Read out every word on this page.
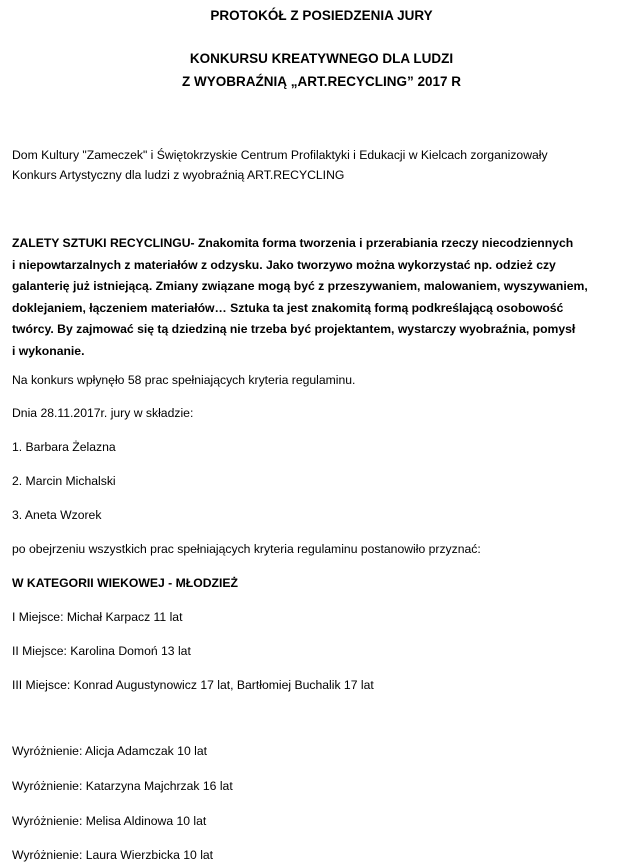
PROTOKÓŁ Z POSIEDZENIA JURY
KONKURSU KREATYWNEGO DLA LUDZI
Z WYOBRAŹNIĄ „ART.RECYCLING” 2017 R
Dom Kultury "Zameczek" i Świętokrzyskie Centrum Profilaktyki i Edukacji w Kielcach zorganizowały
Konkurs Artystyczny dla ludzi z wyobraźnią ART.RECYCLING
ZALETY SZTUKI RECYCLINGU- Znakomita forma tworzenia i przerabiania rzeczy niecodziennych
i niepowtarzalnych z materiałów z odzysku. Jako tworzywo można wykorzystać np. odzież czy
galanterię już istniejącą. Zmiany związane mogą być z przeszywaniem, malowaniem, wyszywaniem,
doklejaniem, łączeniem materiałów… Sztuka ta jest znakomitą formą podkreślającą osobowość
twórcy. By zajmować się tą dziedziną nie trzeba być projektantem, wystarczy wyobraźnia, pomysł
i wykonanie.
Na konkurs wpłynęło 58 prac spełniających kryteria regulaminu.
Dnia 28.11.2017r. jury w składzie:
1. Barbara Żelazna
2. Marcin Michalski
3. Aneta Wzorek
po obejrzeniu wszystkich prac spełniających kryteria regulaminu postanowiło przyznać:
W KATEGORII WIEKOWEJ - MŁODZIEŻ
I Miejsce: Michał Karpacz 11 lat
II Miejsce: Karolina Domoń 13 lat
III Miejsce: Konrad Augustynowicz 17 lat, Bartłomiej Buchalik 17 lat
Wyróżnienie: Alicja Adamczak 10 lat
Wyróżnienie: Katarzyna Majchrzak 16 lat
Wyróżnienie: Melisa Aldinowa 10 lat
Wyróżnienie: Laura Wierzbicka 10 lat
